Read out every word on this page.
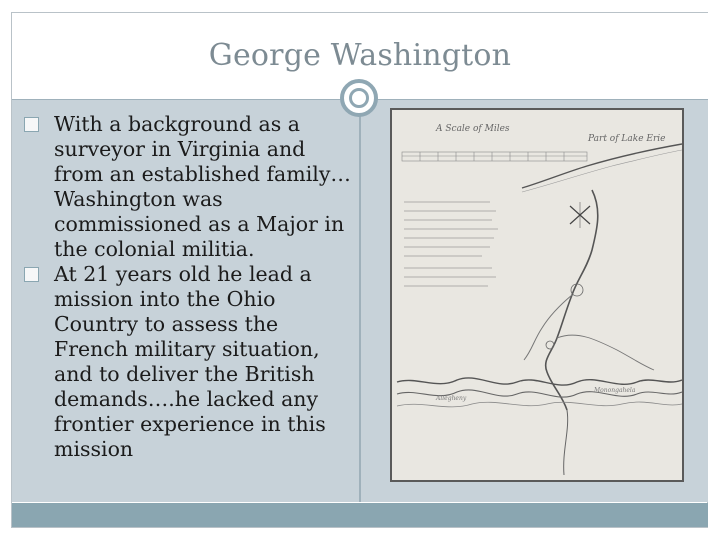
George Washington

With a background as a surveyor in Virginia and from an established family…Washington was commissioned as a Major in the colonial militia.

At 21 years old he lead a mission into the Ohio Country to assess the French military situation, and to deliver the British demands….he lacked any frontier experience in this mission

A Scale of Miles
Part of Lake Erie
Allegheny
Monongahela
